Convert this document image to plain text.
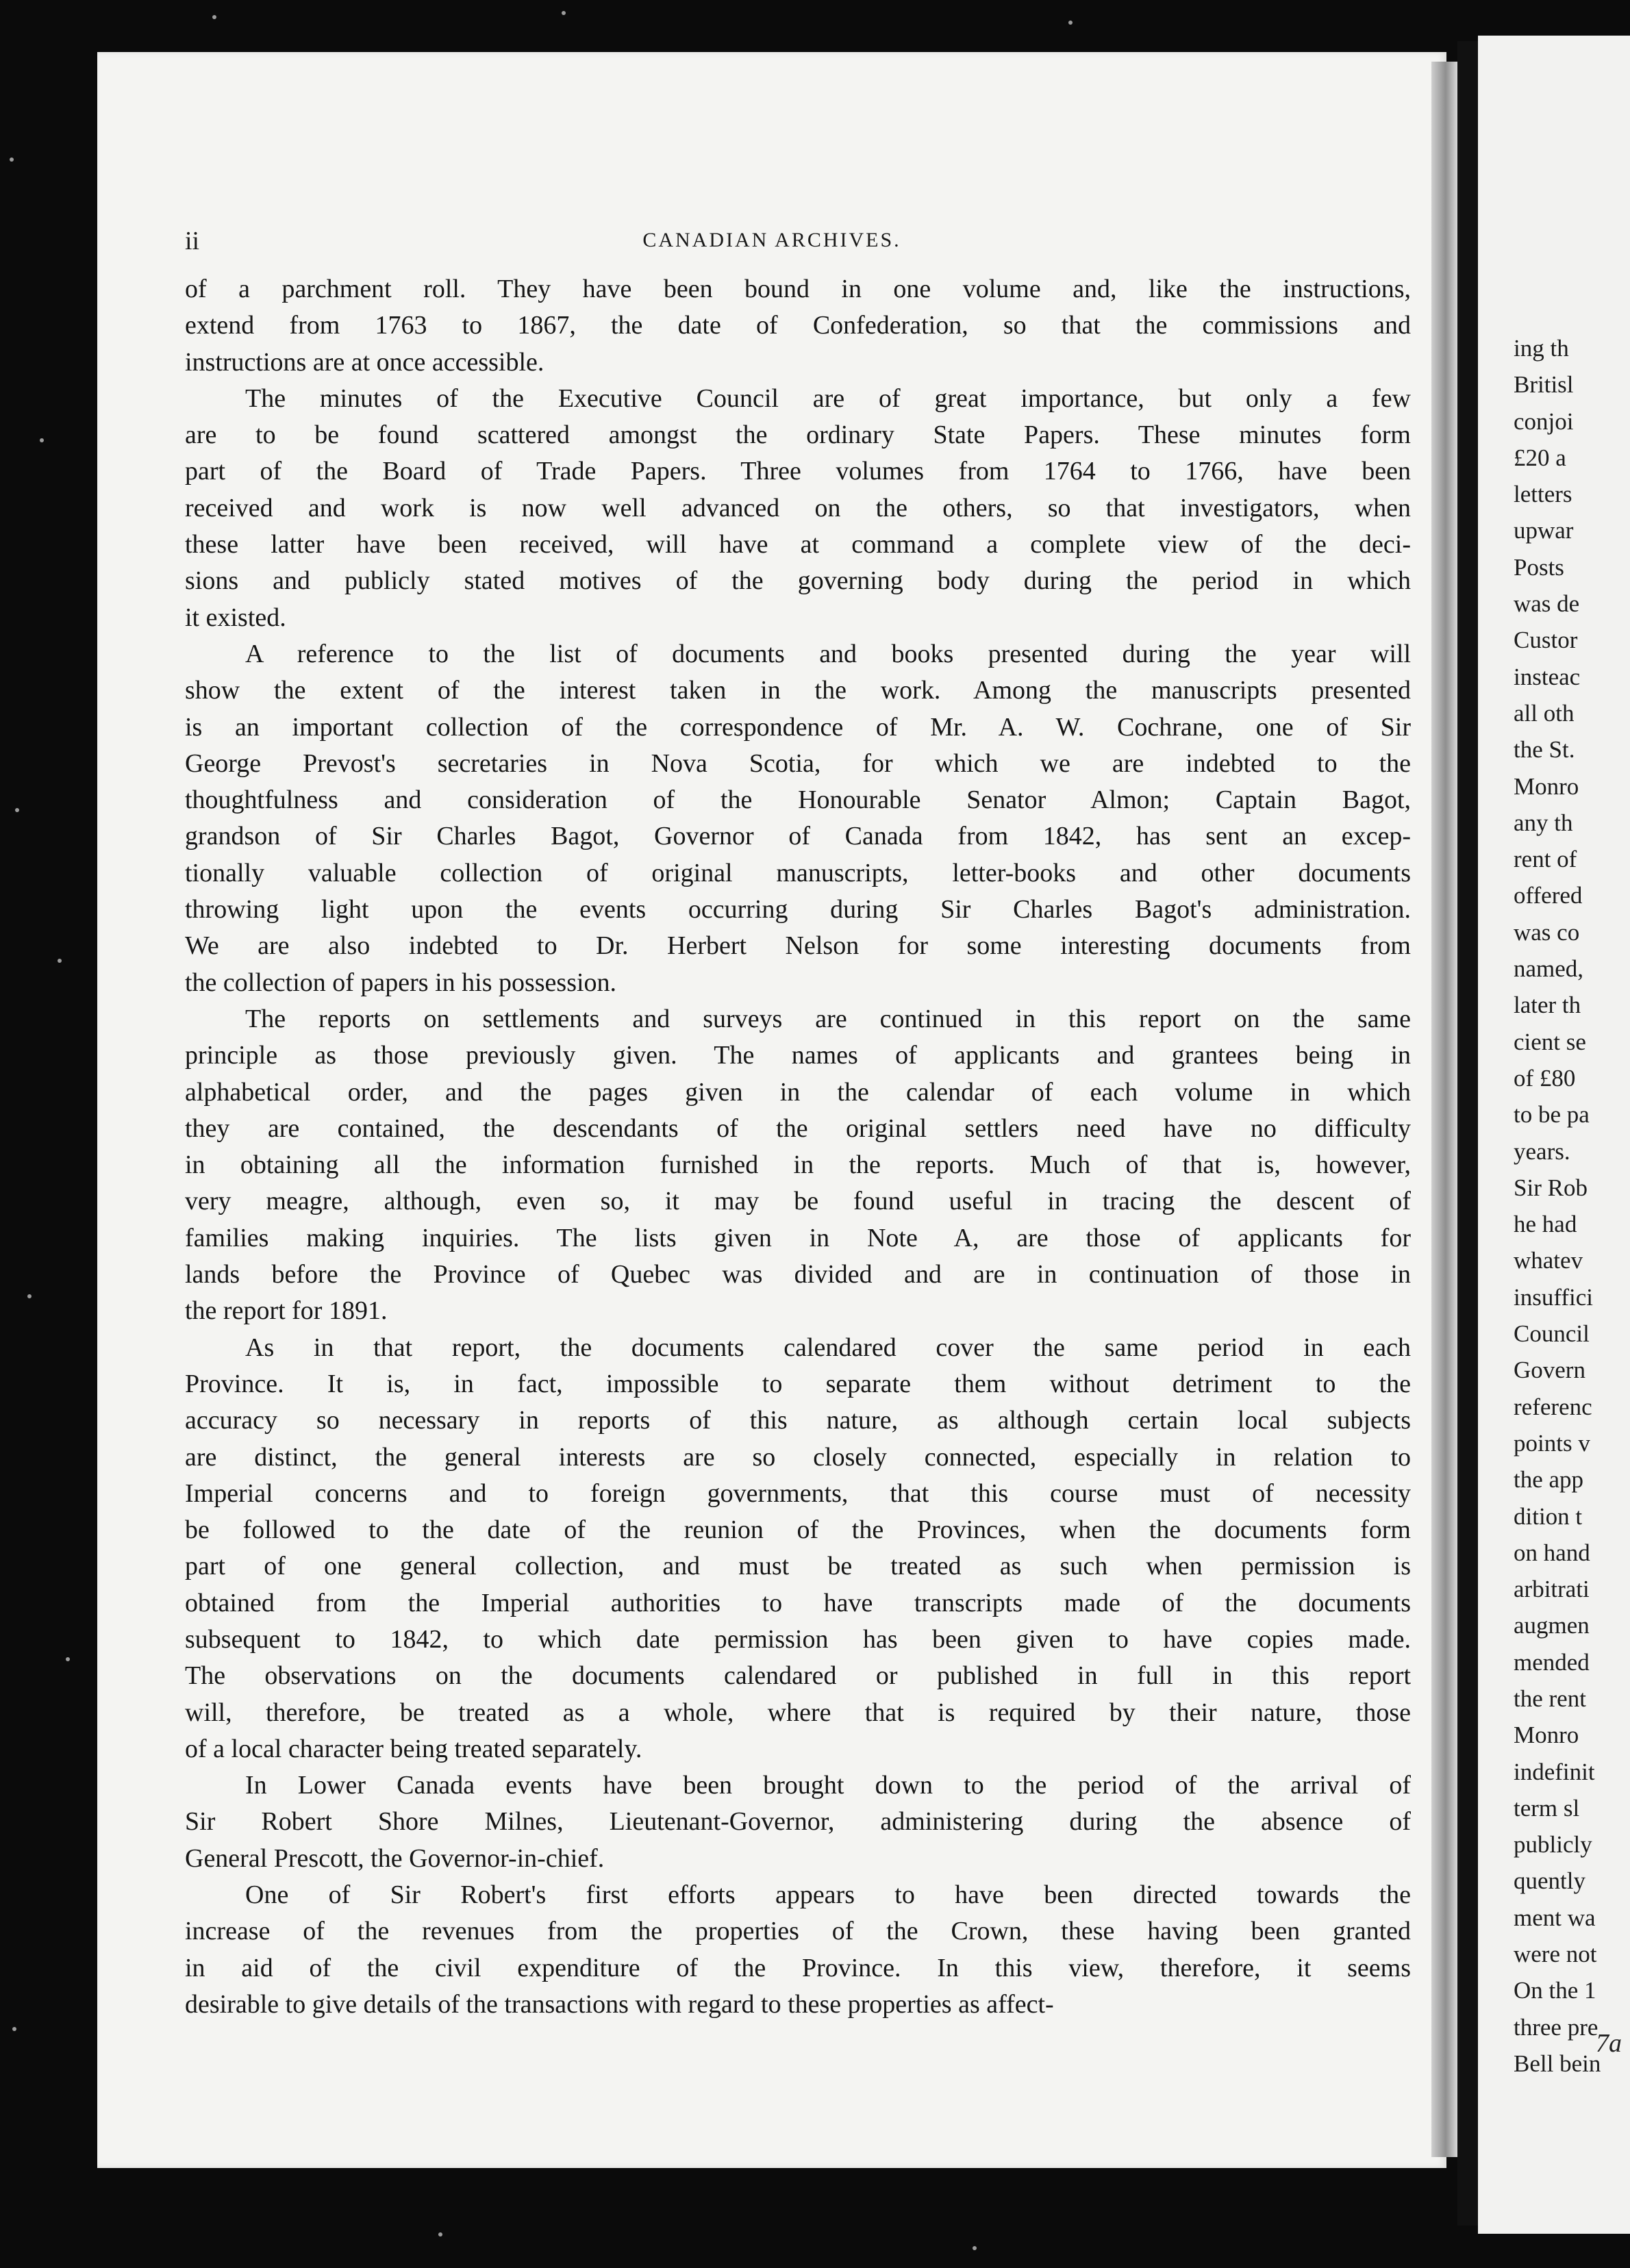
ii	CANADIAN ARCHIVES.

of a parchment roll. They have been bound in one volume and, like the instructions,

extend from 1763 to 1867, the date of Confederation, so that the commissions and

instructions are at once accessible.

The minutes of the Executive Council are of great importance, but only a few

are to be found scattered amongst the ordinary State Papers. These minutes form

part of the Board of Trade Papers. Three volumes from 1764 to 1766, have been

received and work is now well advanced on the others, so that investigators, when

these latter have been received, will have at command a complete view of the deci-

sions and publicly stated motives of the governing body during the period in which

it existed.

A reference to the list of documents and books presented during the year will

show the extent of the interest taken in the work. Among the manuscripts presented

is an important collection of the correspondence of Mr. A. W. Cochrane, one of Sir

George Prevost's secretaries in Nova Scotia, for which we are indebted to the

thoughtfulness and consideration of the Honourable Senator Almon; Captain Bagot,

grandson of Sir Charles Bagot, Governor of Canada from 1842, has sent an excep-

tionally valuable collection of original manuscripts, letter-books and other documents

throwing light upon the events occurring during Sir Charles Bagot's administration.

We are also indebted to Dr. Herbert Nelson for some interesting documents from

the collection of papers in his possession.

The reports on settlements and surveys are continued in this report on the same

principle as those previously given. The names of applicants and grantees being in

alphabetical order, and the pages given in the calendar of each volume in which

they are contained, the descendants of the original settlers need have no difficulty

in obtaining all the information furnished in the reports. Much of that is, however,

very meagre, although, even so, it may be found useful in tracing the descent of

families making inquiries. The lists given in Note A, are those of applicants for

lands before the Province of Quebec was divided and are in continuation of those in

the report for 1891.

As in that report, the documents calendared cover the same period in each

Province. It is, in fact, impossible to separate them without detriment to the

accuracy so necessary in reports of this nature, as although certain local subjects

are distinct, the general interests are so closely connected, especially in relation to

Imperial concerns and to foreign governments, that this course must of necessity

be followed to the date of the reunion of the Provinces, when the documents form

part of one general collection, and must be treated as such when permission is

obtained from the Imperial authorities to have transcripts made of the documents

subsequent to 1842, to which date permission has been given to have copies made.

The observations on the documents calendared or published in full in this report

will, therefore, be treated as a whole, where that is required by their nature, those

of a local character being treated separately.

In Lower Canada events have been brought down to the period of the arrival of

Sir Robert Shore Milnes, Lieutenant-Governor, administering during the absence of

General Prescott, the Governor-in-chief.

One of Sir Robert's first efforts appears to have been directed towards the

increase of the revenues from the properties of the Crown, these having been granted

in aid of the civil expenditure of the Province. In this view, therefore, it seems

desirable to give details of the transactions with regard to these properties as affect-

ing th
Britisl
conjoi
£20 a
letters
upwar
Posts
was de
Custor
insteac
all oth
the St.
Monro
any th
rent of
offered
was co
named,
later th
cient se
of £80
to be pa
years.
Sir Rob
he had
whatev
insuffici
Council
Govern
referenc
points v
the app
dition t
on hand
arbitrati
augmen
mended
the rent
Monro
indefinit
term sl
publicly
quently
ment wa
were not
On the 1
three pre
Bell bein
7a
